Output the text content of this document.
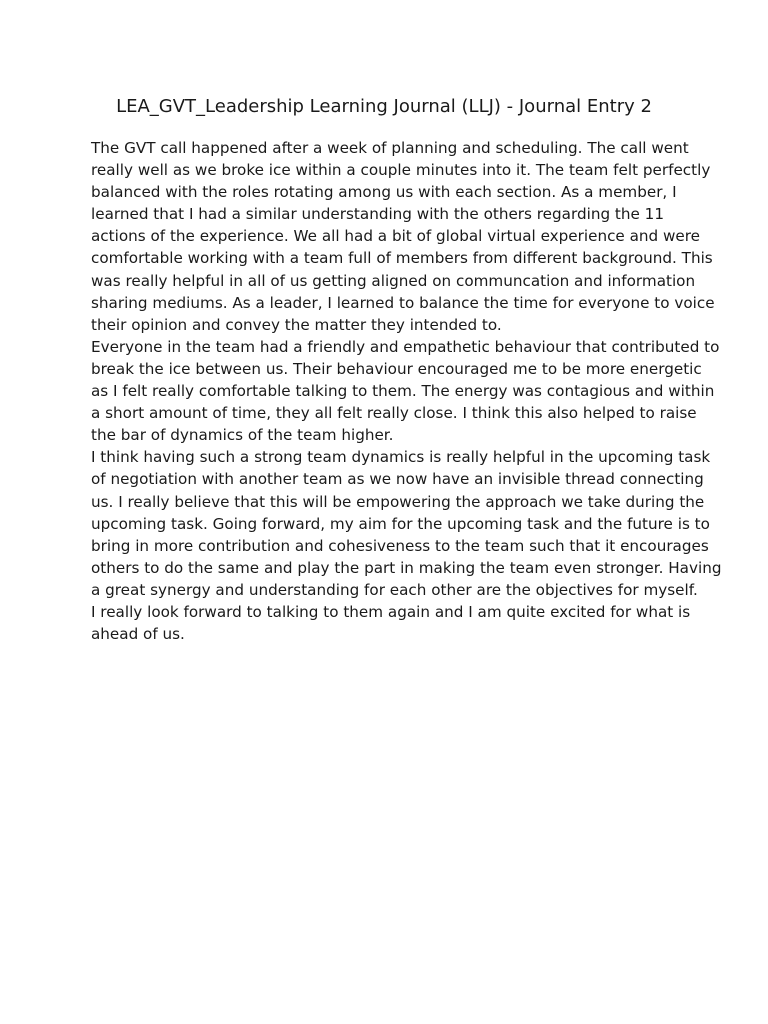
LEA_GVT_Leadership Learning Journal (LLJ) - Journal Entry 2
The GVT call happened after a week of planning and scheduling. The call went
really well as we broke ice within a couple minutes into it. The team felt perfectly
balanced with the roles rotating among us with each section. As a member, I
learned that I had a similar understanding with the others regarding the 11
actions of the experience. We all had a bit of global virtual experience and were
comfortable working with a team full of members from different background. This
was really helpful in all of us getting aligned on communcation and information
sharing mediums. As a leader, I learned to balance the time for everyone to voice
their opinion and convey the matter they intended to.
Everyone in the team had a friendly and empathetic behaviour that contributed to
break the ice between us. Their behaviour encouraged me to be more energetic
as I felt really comfortable talking to them. The energy was contagious and within
a short amount of time, they all felt really close. I think this also helped to raise
the bar of dynamics of the team higher.
I think having such a strong team dynamics is really helpful in the upcoming task
of negotiation with another team as we now have an invisible thread connecting
us. I really believe that this will be empowering the approach we take during the
upcoming task. Going forward, my aim for the upcoming task and the future is to
bring in more contribution and cohesiveness to the team such that it encourages
others to do the same and play the part in making the team even stronger. Having
a great synergy and understanding for each other are the objectives for myself.
I really look forward to talking to them again and I am quite excited for what is
ahead of us.
